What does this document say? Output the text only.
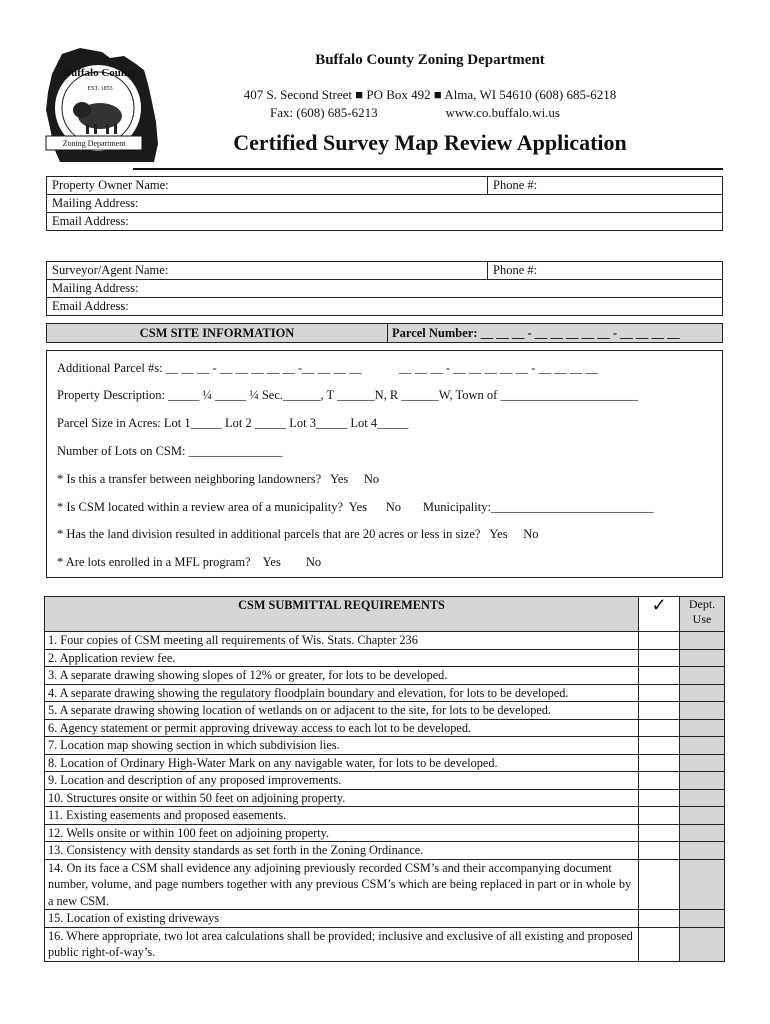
Buffalo County
EST. 1853
Zoning Department
Buffalo County Zoning Department
407 S. Second Street ■ PO Box 492 ■ Alma, WI 54610 (608) 685-6218
Fax: (608) 685-6213	www.co.buffalo.wi.us
Certified Survey Map Review Application
Property Owner Name:	Phone #:
Mailing Address:
Email Address:
Surveyor/Agent Name:	Phone #:
Mailing Address:
Email Address:
CSM SITE INFORMATION	Parcel Number: __ __ __ - __ __ __ __ __ - __ __ __ __
Additional Parcel #s: __ __ __ - __ __ __ __ __ -__ __ __ __            __ __ __ - __ __ __ __ __ - __ __ __ __
Property Description: _____ ¼ _____ ¼ Sec.______, T ______N, R ______W, Town of ______________________
Parcel Size in Acres: Lot 1_____ Lot 2 _____ Lot 3_____ Lot 4_____
Number of Lots on CSM: _______________
* Is this a transfer between neighboring landowners?   Yes     No
* Is CSM located within a review area of a municipality?  Yes      No       Municipality:__________________________
* Has the land division resulted in additional parcels that are 20 acres or less in size?   Yes     No
* Are lots enrolled in a MFL program?    Yes        No
CSM SUBMITTAL REQUIREMENTS	✓	Dept.
Use
1. Four copies of CSM meeting all requirements of Wis. Stats. Chapter 236		
2. Application review fee.		
3. A separate drawing showing slopes of 12% or greater, for lots to be developed.		
4. A separate drawing showing the regulatory floodplain boundary and elevation, for lots to be developed.		
5. A separate drawing showing location of wetlands on or adjacent to the site, for lots to be developed.		
6. Agency statement or permit approving driveway access to each lot to be developed.		
7. Location map showing section in which subdivision lies.		
8. Location of Ordinary High-Water Mark on any navigable water, for lots to be developed.		
9. Location and description of any proposed improvements.		
10. Structures onsite or within 50 feet on adjoining property.		
11. Existing easements and proposed easements.		
12. Wells onsite or within 100 feet on adjoining property.		
13. Consistency with density standards as set forth in the Zoning Ordinance.		
14. On its face a CSM shall evidence any adjoining previously recorded CSM’s and their accompanying document number, volume, and page numbers together with any previous CSM’s which are being replaced in part or in whole by a new CSM.		
15. Location of existing driveways		
16. Where appropriate, two lot area calculations shall be provided; inclusive and exclusive of all existing and proposed public right-of-way’s.		
